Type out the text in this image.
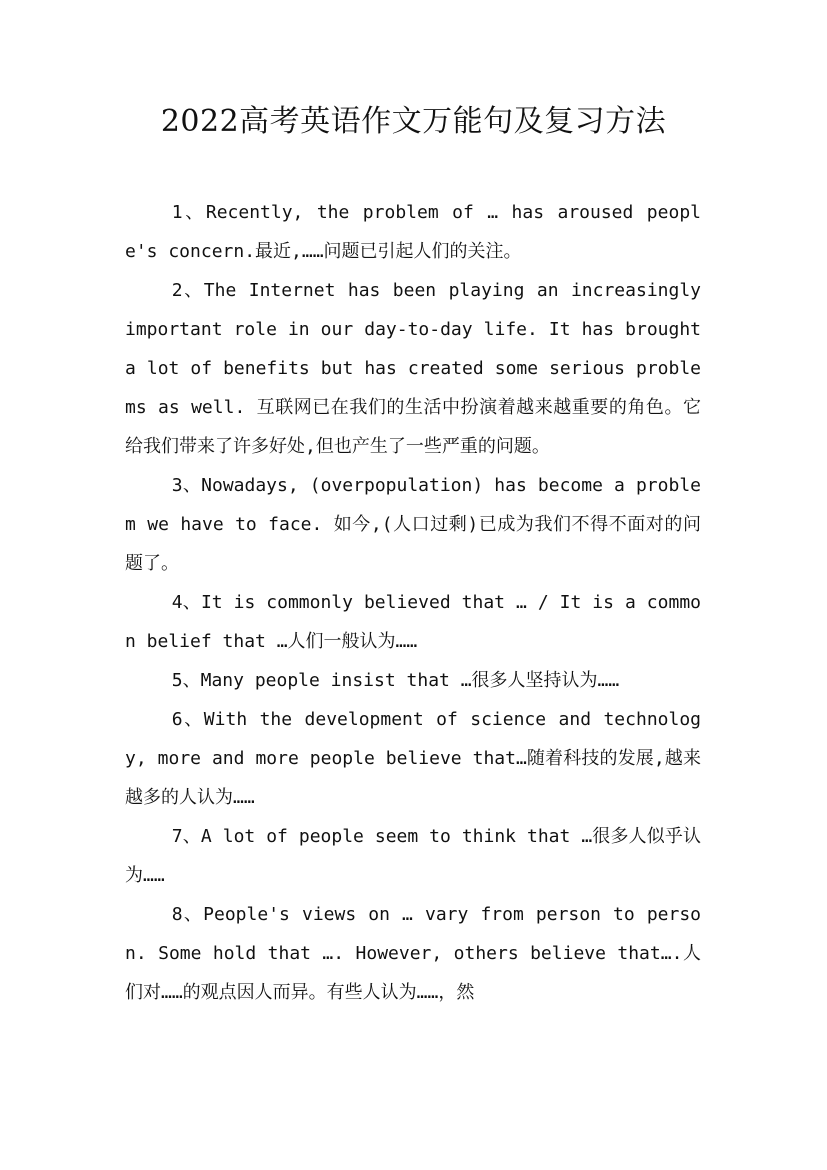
2022高考英语作文万能句及复习方法

1、Recently, the problem of … has aroused people's concern.最近,……问题已引起人们的关注。

2、The Internet has been playing an increasingly important role in our day-to-day life. It has brought a lot of benefits but has created some serious problems as well. 互联网已在我们的生活中扮演着越来越重要的角色。它给我们带来了许多好处,但也产生了一些严重的问题。

3、Nowadays, (overpopulation) has become a problem we have to face. 如今,(人口过剩)已成为我们不得不面对的问题了。

4、It is commonly believed that … / It is a common belief that …人们一般认为……

5、Many people insist that …很多人坚持认为……

6、With the development of science and technology, more and more people believe that…随着科技的发展,越来越多的人认为……

7、A lot of people seem to think that …很多人似乎认为……

8、People's views on … vary from person to person. Some hold that …. However, others believe that….人们对……的观点因人而异。有些人认为……，然
